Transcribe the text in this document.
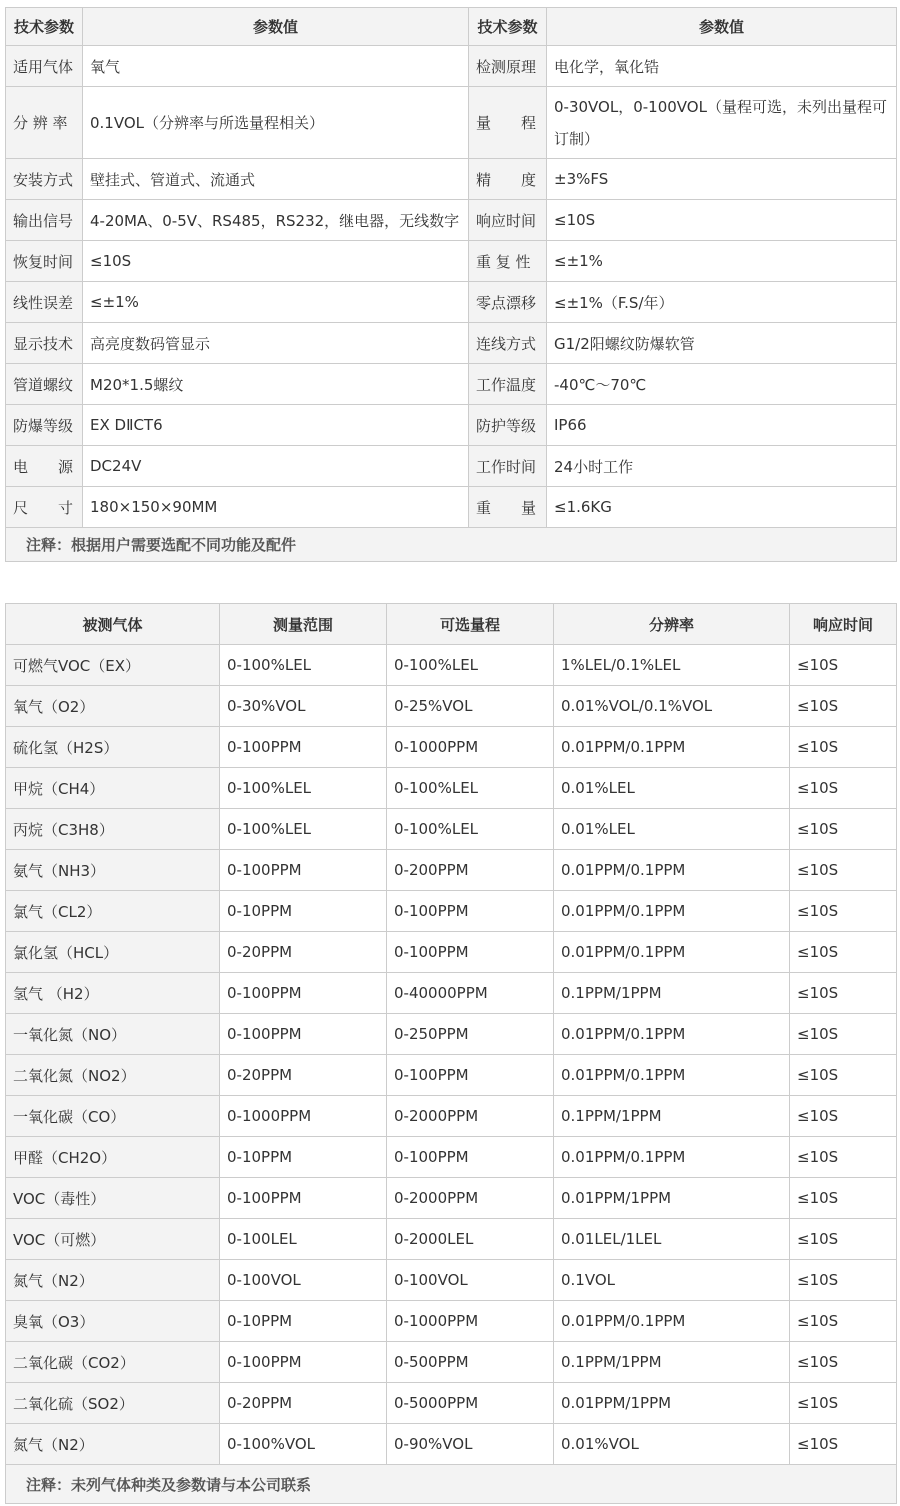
技术参数	参数值	技术参数	参数值
适用气体	氧气	检测原理	电化学，氧化锆
分 辨 率	0.1VOL（分辨率与所选量程相关）	量　　程	0-30VOL，0-100VOL（量程可选，未列出量程可订制）
安装方式	壁挂式、管道式、流通式	精　　度	±3%FS
输出信号	4-20MA、0-5V、RS485，RS232，继电器，无线数字	响应时间	≤10S
恢复时间	≤10S	重 复 性	≤±1%
线性误差	≤±1%	零点漂移	≤±1%（F.S/年）
显示技术	高亮度数码管显示	连线方式	G1/2阳螺纹防爆软管
管道螺纹	M20*1.5螺纹	工作温度	-40℃～70℃
防爆等级	EX DⅡCT6	防护等级	IP66
电　　源	DC24V	工作时间	24小时工作
尺　　寸	180×150×90MM	重　　量	≤1.6KG
注释：根据用户需要选配不同功能及配件			
被测气体	测量范围	可选量程	分辨率	响应时间
可燃气VOC（EX）	0-100%LEL	0-100%LEL	1%LEL/0.1%LEL	≤10S
氧气（O2）	0-30%VOL	0-25%VOL	0.01%VOL/0.1%VOL	≤10S
硫化氢（H2S）	0-100PPM	0-1000PPM	0.01PPM/0.1PPM	≤10S
甲烷（CH4）	0-100%LEL	0-100%LEL	0.01%LEL	≤10S
丙烷（C3H8）	0-100%LEL	0-100%LEL	0.01%LEL	≤10S
氨气（NH3）	0-100PPM	0-200PPM	0.01PPM/0.1PPM	≤10S
氯气（CL2）	0-10PPM	0-100PPM	0.01PPM/0.1PPM	≤10S
氯化氢（HCL）	0-20PPM	0-100PPM	0.01PPM/0.1PPM	≤10S
氢气 （H2）	0-100PPM	0-40000PPM	0.1PPM/1PPM	≤10S
一氧化氮（NO）	0-100PPM	0-250PPM	0.01PPM/0.1PPM	≤10S
二氧化氮（NO2）	0-20PPM	0-100PPM	0.01PPM/0.1PPM	≤10S
一氧化碳（CO）	0-1000PPM	0-2000PPM	0.1PPM/1PPM	≤10S
甲醛（CH2O）	0-10PPM	0-100PPM	0.01PPM/0.1PPM	≤10S
VOC（毒性）	0-100PPM	0-2000PPM	0.01PPM/1PPM	≤10S
VOC（可燃）	0-100LEL	0-2000LEL	0.01LEL/1LEL	≤10S
氮气（N2）	0-100VOL	0-100VOL	0.1VOL	≤10S
臭氧（O3）	0-10PPM	0-1000PPM	0.01PPM/0.1PPM	≤10S
二氧化碳（CO2）	0-100PPM	0-500PPM	0.1PPM/1PPM	≤10S
二氧化硫（SO2）	0-20PPM	0-5000PPM	0.01PPM/1PPM	≤10S
氮气（N2）	0-100%VOL	0-90%VOL	0.01%VOL	≤10S
注释：未列气体种类及参数请与本公司联系				
